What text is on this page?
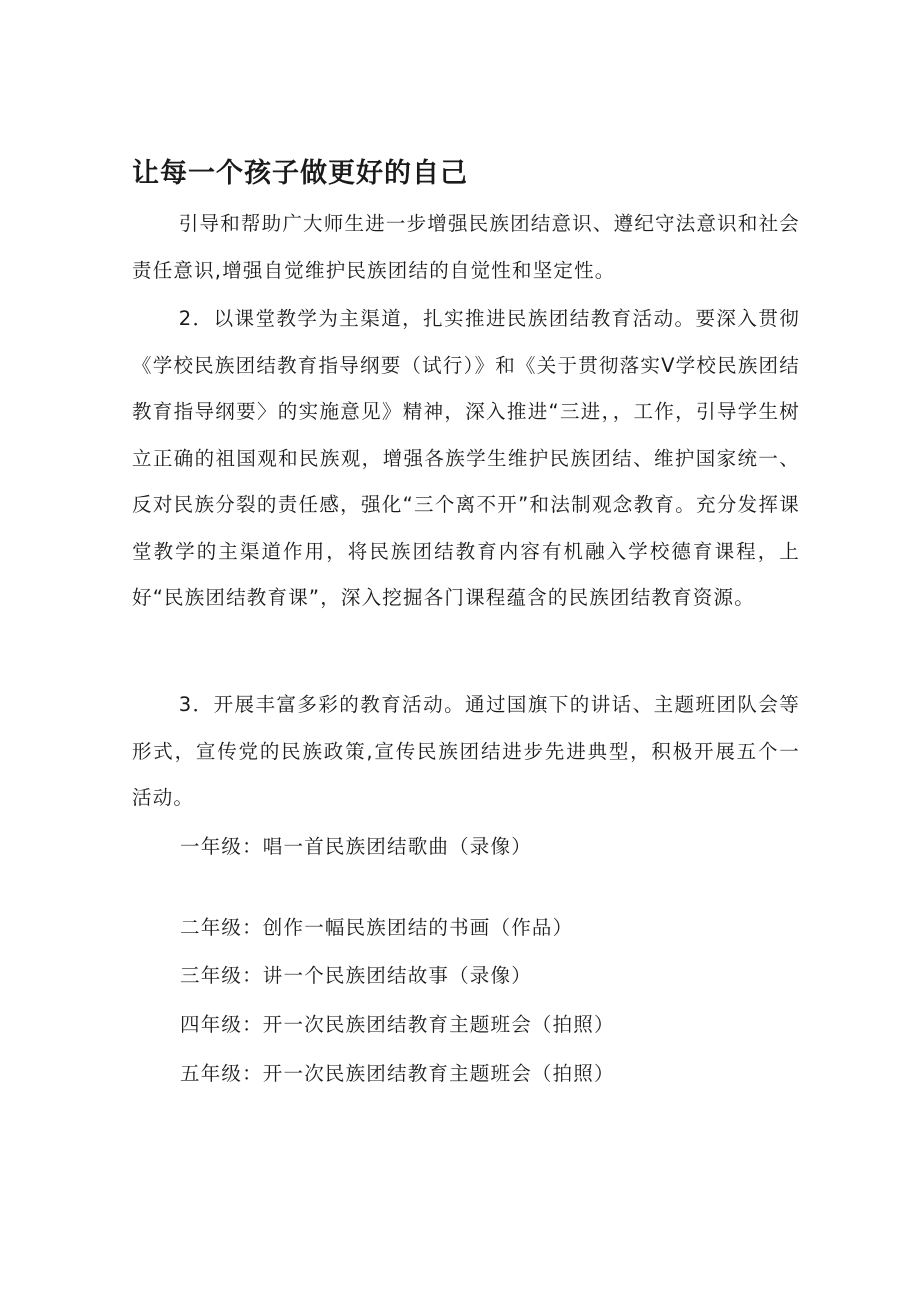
让每一个孩子做更好的自己

引导和帮助广大师生进一步增强民族团结意识、遵纪守法意识和社会责任意识,增强自觉维护民族团结的自觉性和坚定性。

2．以课堂教学为主渠道，扎实推进民族团结教育活动。要深入贯彻《学校民族团结教育指导纲要（试行）》和《关于贯彻落实Ⅴ学校民族团结教育指导纲要〉的实施意见》精神，深入推进“三进，，工作，引导学生树立正确的祖国观和民族观，增强各族学生维护民族团结、维护国家统一、反对民族分裂的责任感，强化“三个离不开”和法制观念教育。充分发挥课堂教学的主渠道作用，将民族团结教育内容有机融入学校德育课程，上好“民族团结教育课”，深入挖掘各门课程蕴含的民族团结教育资源。

3．开展丰富多彩的教育活动。通过国旗下的讲话、主题班团队会等形式，宣传党的民族政策,宣传民族团结进步先进典型，积极开展五个一活动。

一年级：唱一首民族团结歌曲（录像）
二年级：创作一幅民族团结的书画（作品）
三年级：讲一个民族团结故事（录像）
四年级：开一次民族团结教育主题班会（拍照）
五年级：开一次民族团结教育主题班会（拍照）
